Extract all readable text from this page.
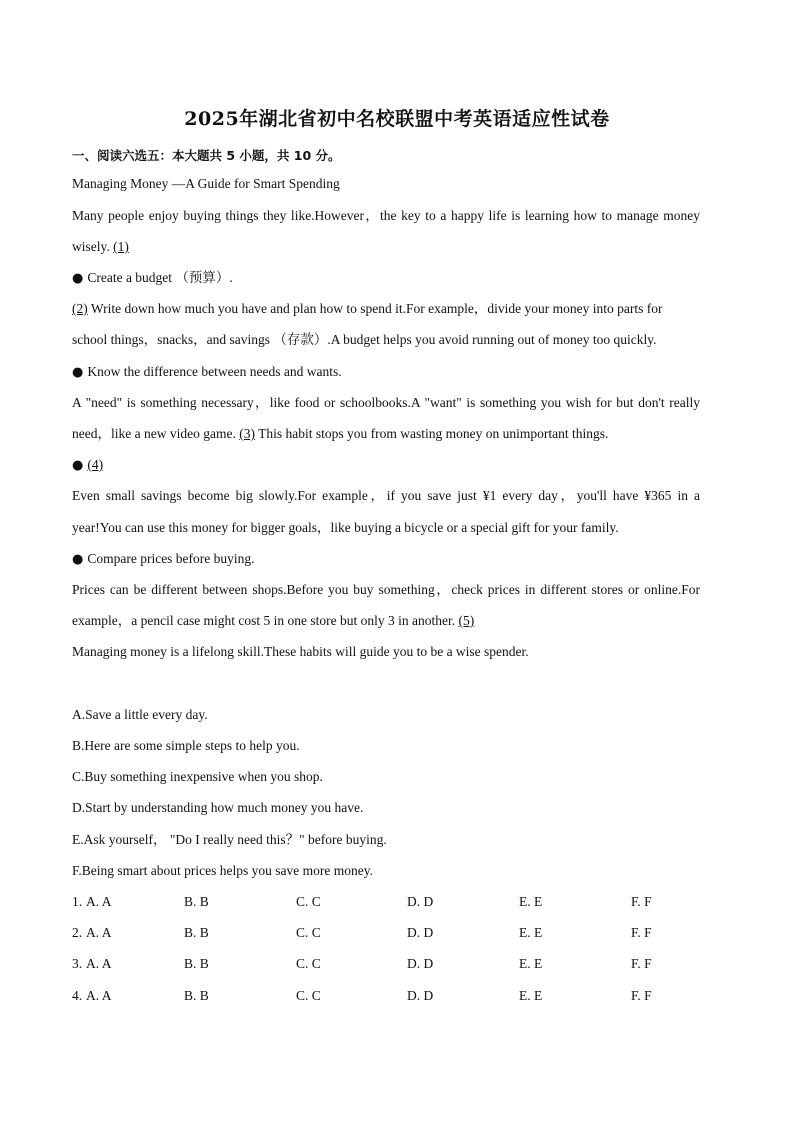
2025年湖北省初中名校联盟中考英语适应性试卷
一、阅读六选五：本大题共 5 小题，共 10 分。
Managing Money —A Guide for Smart Spending
Many people enjoy buying things they like.However，the key to a happy life is learning how to manage money
wisely. (1)
● Create a budget （预算）.
(2) Write down how much you have and plan how to spend it.For example，divide your money into parts for
school things，snacks，and savings （存款）.A budget helps you avoid running out of money too quickly.
● Know the difference between needs and wants.
A "need" is something necessary，like food or schoolbooks.A "want" is something you wish for but don't really
need，like a new video game. (3) This habit stops you from wasting money on unimportant things.
● (4)
Even small savings become big slowly.For example，if you save just ¥1 every day，you'll have ¥365 in a
year!You can use this money for bigger goals，like buying a bicycle or a special gift for your family.
● Compare prices before buying.
Prices can be different between shops.Before you buy something，check prices in different stores or online.For
example，a pencil case might cost 5 in one store but only 3 in another. (5)
Managing money is a lifelong skill.These habits will guide you to be a wise spender.
A.Save a little every day.
B.Here are some simple steps to help you.
C.Buy something inexpensive when you shop.
D.Start by understanding how much money you have.
E.Ask yourself， "Do I really need this？" before buying.
F.Being smart about prices helps you save more money.
1. A. A	B. B	C. C	D. D	E. E	F. F
2. A. A	B. B	C. C	D. D	E. E	F. F
3. A. A	B. B	C. C	D. D	E. E	F. F
4. A. A	B. B	C. C	D. D	E. E	F. F
